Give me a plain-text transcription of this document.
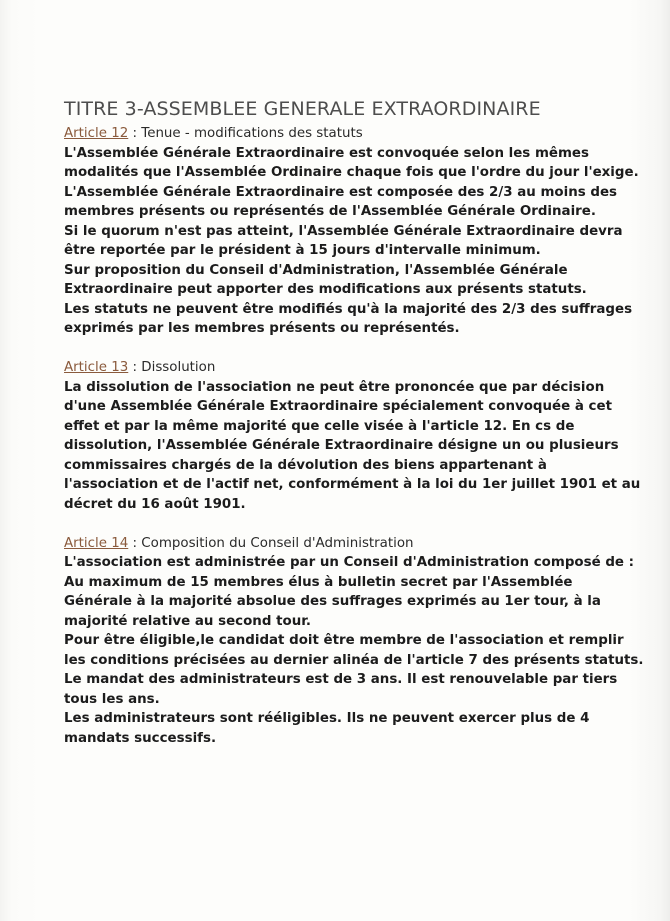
TITRE 3-ASSEMBLEE GENERALE EXTRAORDINAIRE
Article 12 : Tenue - modifications des statuts

L'Assemblée Générale Extraordinaire est convoquée selon les mêmes modalités que l'Assemblée Ordinaire chaque fois que l'ordre du jour l'exige.

L'Assemblée Générale Extraordinaire est composée des 2/3 au moins des membres présents ou représentés de l'Assemblée Générale Ordinaire.

Si le quorum n'est pas atteint, l'Assemblée Générale Extraordinaire devra être reportée par le président à 15 jours d'intervalle minimum.

Sur proposition du Conseil d'Administration, l'Assemblée Générale Extraordinaire peut apporter des modifications aux présents statuts.

Les statuts ne peuvent être modifiés qu'à la majorité des 2/3 des suffrages exprimés par les membres présents ou représentés.

Article 13 : Dissolution

La dissolution de l'association ne peut être prononcée que par décision d'une Assemblée Générale Extraordinaire spécialement convoquée à cet effet et par la même majorité que celle visée à l'article 12. En cs de dissolution, l'Assemblée Générale Extraordinaire désigne un ou plusieurs commissaires chargés de la dévolution des biens appartenant à l'association et de l'actif net, conformément à la loi du 1er juillet 1901 et au décret du 16 août 1901.

Article 14 : Composition du Conseil d'Administration

L'association est administrée par un Conseil d'Administration composé de :

Au maximum de 15 membres élus à bulletin secret par l'Assemblée Générale à la majorité absolue des suffrages exprimés au 1er tour, à la majorité relative au second tour.

Pour être éligible,le candidat doit être membre de l'association et remplir les conditions précisées au dernier alinéa de l'article 7 des présents statuts. Le mandat des administrateurs est de 3 ans. Il est renouvelable par tiers tous les ans.

Les administrateurs sont rééligibles. Ils ne peuvent exercer plus de 4 mandats successifs.
